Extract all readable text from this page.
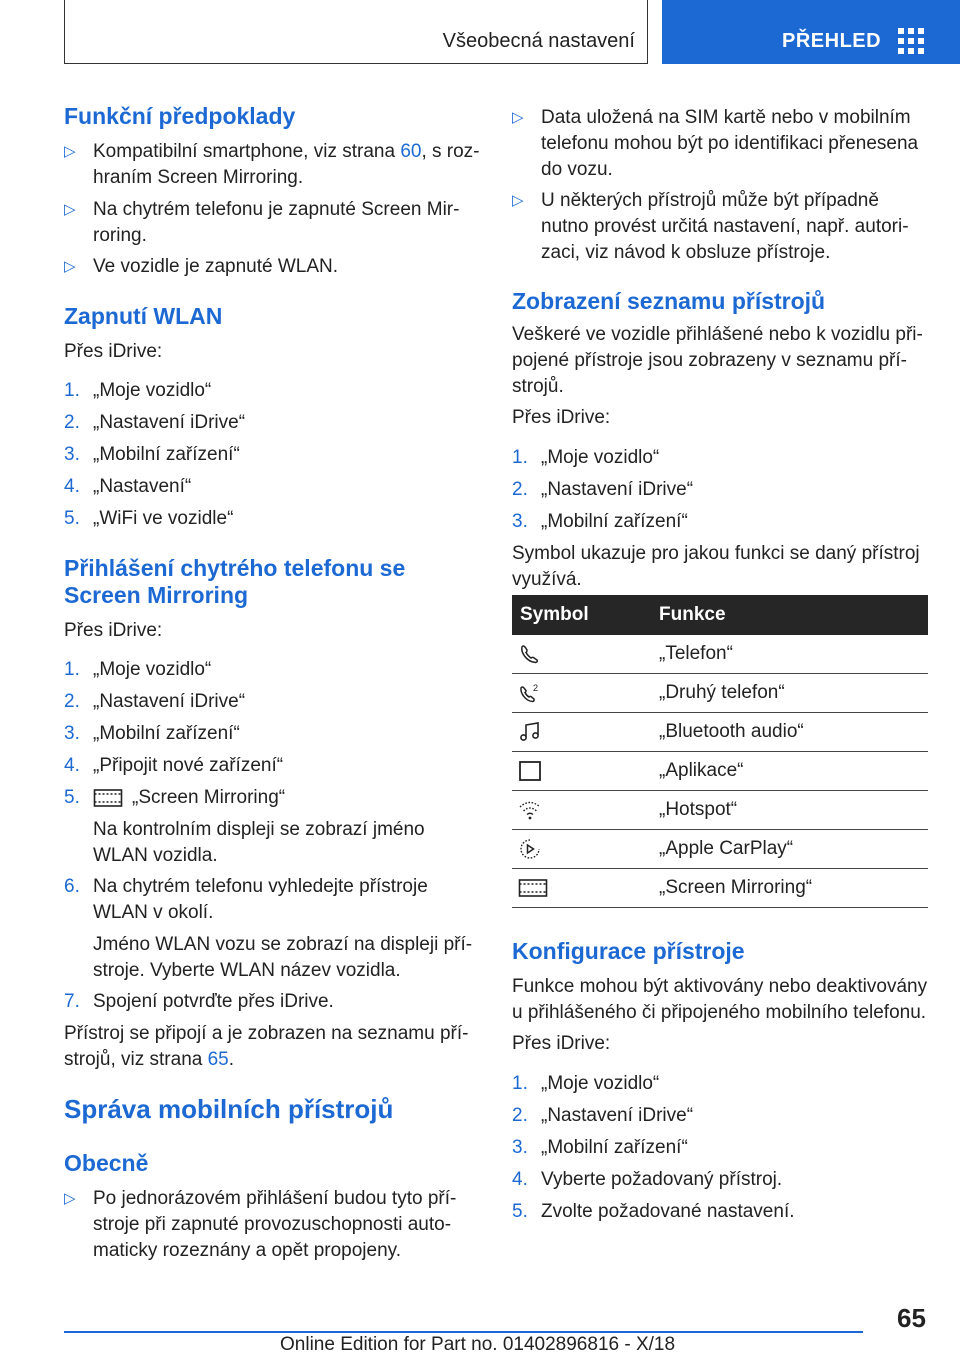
Všeobecná nastavení	PŘEHLED
Funkční předpoklady
▷ Kompatibilní smartphone, viz strana 60, s roz-
hraním Screen Mirroring.
▷ Na chytrém telefonu je zapnuté Screen Mir-
roring.
▷ Ve vozidle je zapnuté WLAN.
Zapnutí WLAN
Přes iDrive:
1. „Moje vozidlo“
2. „Nastavení iDrive“
3. „Mobilní zařízení“
4. „Nastavení“
5. „WiFi ve vozidle“
Přihlášení chytrého telefonu se
Screen Mirroring
Přes iDrive:
1. „Moje vozidlo“
2. „Nastavení iDrive“
3. „Mobilní zařízení“
4. „Připojit nové zařízení“
5.	„Screen Mirroring“
Na kontrolním displeji se zobrazí jméno
WLAN vozidla.
6. Na chytrém telefonu vyhledejte přístroje
WLAN v okolí.
Jméno WLAN vozu se zobrazí na displeji pří-
stroje. Vyberte WLAN název vozidla.
7. Spojení potvrďte přes iDrive.
Přístroj se připojí a je zobrazen na seznamu pří-
strojů, viz strana 65.
Správa mobilních přístrojů
Obecně
▷ Po jednorázovém přihlášení budou tyto pří-
stroje při zapnuté provozuschopnosti auto-
maticky rozeznány a opět propojeny.
▷ Data uložená na SIM kartě nebo v mobilním
telefonu mohou být po identifikaci přenesena
do vozu.
▷ U některých přístrojů může být případně
nutno provést určitá nastavení, např. autori-
zaci, viz návod k obsluze přístroje.
Zobrazení seznamu přístrojů
Veškeré ve vozidle přihlášené nebo k vozidlu při-
pojené přístroje jsou zobrazeny v seznamu pří-
strojů.
Přes iDrive:
1. „Moje vozidlo“
2. „Nastavení iDrive“
3. „Mobilní zařízení“
Symbol ukazuje pro jakou funkci se daný přístroj
využívá.
Symbol	Funkce
„Telefon“
2	„Druhý telefon“
„Bluetooth audio“
„Aplikace“
„Hotspot“
„Apple CarPlay“
„Screen Mirroring“
Konfigurace přístroje
Funkce mohou být aktivovány nebo deaktivovány
u přihlášeného či připojeného mobilního telefonu.
Přes iDrive:
1. „Moje vozidlo“
2. „Nastavení iDrive“
3. „Mobilní zařízení“
4. Vyberte požadovaný přístroj.
5. Zvolte požadované nastavení.
65
Online Edition for Part no. 01402896816 - X/18
